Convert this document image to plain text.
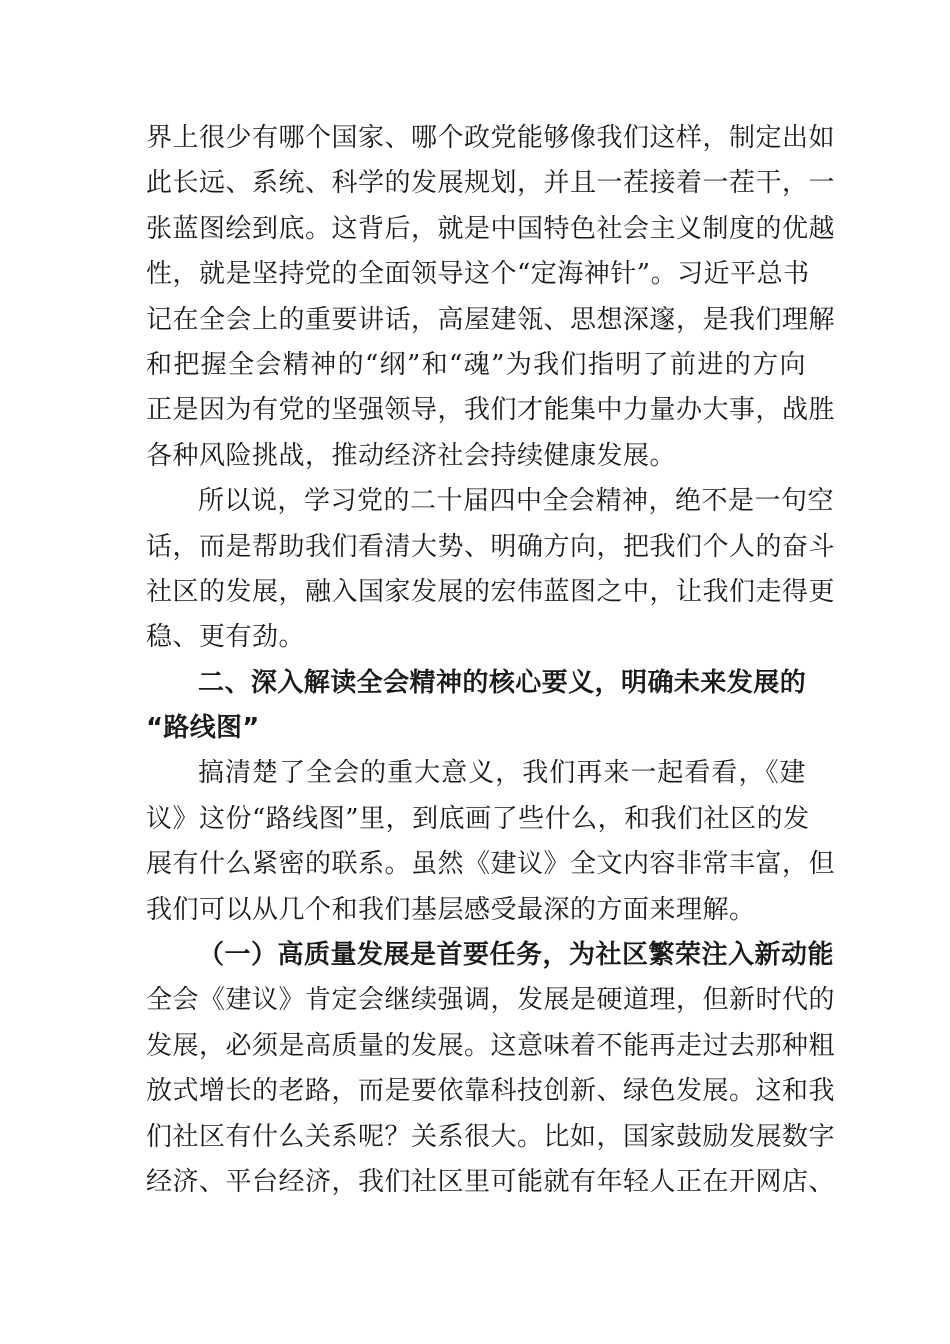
界上很少有哪个国家、哪个政党能够像我们这样，制定出如
此长远、系统、科学的发展规划，并且一茬接着一茬干，一
张蓝图绘到底。这背后，就是中国特色社会主义制度的优越
性，就是坚持党的全面领导这个“定海神针”。习近平总书
记在全会上的重要讲话，高屋建瓴、思想深邃，是我们理解
和把握全会精神的“纲”和“魂”为我们指明了前进的方向
正是因为有党的坚强领导，我们才能集中力量办大事，战胜
各种风险挑战，推动经济社会持续健康发展。
所以说，学习党的二十届四中全会精神，绝不是一句空
话，而是帮助我们看清大势、明确方向，把我们个人的奋斗
社区的发展，融入国家发展的宏伟蓝图之中，让我们走得更
稳、更有劲。
二、深入解读全会精神的核心要义，明确未来发展的
“路线图”
搞清楚了全会的重大意义，我们再来一起看看，《建
议》这份“路线图”里，到底画了些什么，和我们社区的发
展有什么紧密的联系。虽然《建议》全文内容非常丰富，但
我们可以从几个和我们基层感受最深的方面来理解。
（一）高质量发展是首要任务，为社区繁荣注入新动能
全会《建议》肯定会继续强调，发展是硬道理，但新时代的
发展，必须是高质量的发展。这意味着不能再走过去那种粗
放式增长的老路，而是要依靠科技创新、绿色发展。这和我
们社区有什么关系呢？关系很大。比如，国家鼓励发展数字
经济、平台经济，我们社区里可能就有年轻人正在开网店、
